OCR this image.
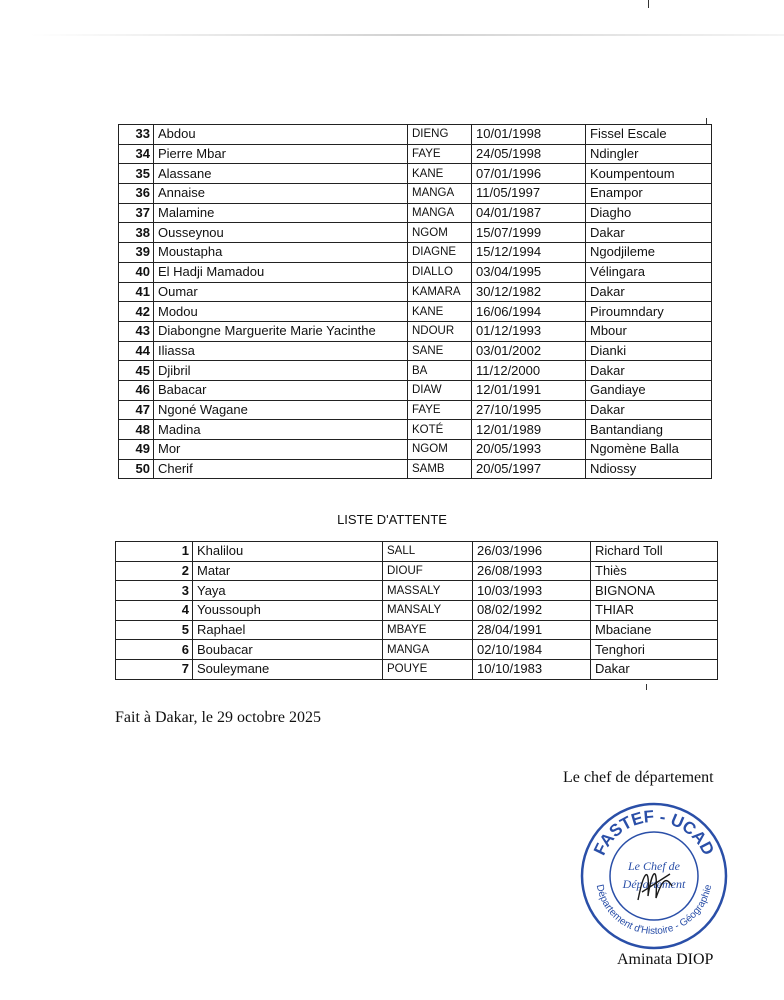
33	Abdou	DIENG	10/01/1998	Fissel Escale
34	Pierre Mbar	FAYE	24/05/1998	Ndingler
35	Alassane	KANE	07/01/1996	Koumpentoum
36	Annaise	MANGA	11/05/1997	Enampor
37	Malamine	MANGA	04/01/1987	Diagho
38	Ousseynou	NGOM	15/07/1999	Dakar
39	Moustapha	DIAGNE	15/12/1994	Ngodjileme
40	El Hadji Mamadou	DIALLO	03/04/1995	Vélingara
41	Oumar	KAMARA	30/12/1982	Dakar
42	Modou	KANE	16/06/1994	Piroumndary
43	Diabongne Marguerite Marie Yacinthe	NDOUR	01/12/1993	Mbour
44	Iliassa	SANE	03/01/2002	Dianki
45	Djibril	BA	11/12/2000	Dakar
46	Babacar	DIAW	12/01/1991	Gandiaye
47	Ngoné Wagane	FAYE	27/10/1995	Dakar
48	Madina	KOTÉ	12/01/1989	Bantandiang
49	Mor	NGOM	20/05/1993	Ngomène Balla
50	Cherif	SAMB	20/05/1997	Ndiossy
LISTE D'ATTENTE
1	Khalilou	SALL	26/03/1996	Richard Toll
2	Matar	DIOUF	26/08/1993	Thiès
3	Yaya	MASSALY	10/03/1993	BIGNONA
4	Youssouph	MANSALY	08/02/1992	THIAR
5	Raphael	MBAYE	28/04/1991	Mbaciane
6	Boubacar	MANGA	02/10/1984	Tenghori
7	Souleymane	POUYE	10/10/1983	Dakar
Fait à Dakar, le 29 octobre 2025
Le chef de département
FASTEF - UCAD
Département d'Histoire - Géographie
Le Chef de
Département
Aminata DIOP
